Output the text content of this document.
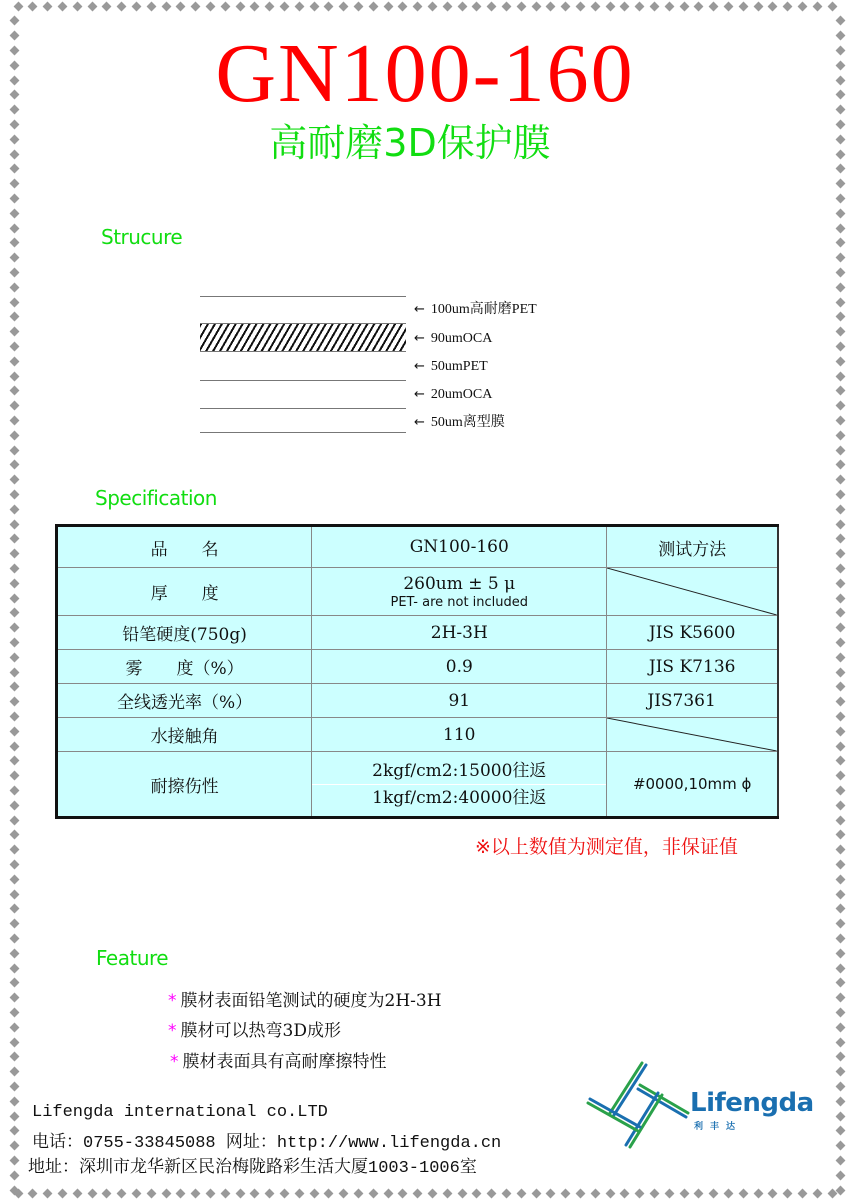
GN100-160
高耐磨3D保护膜
Strucure
← 100um高耐磨PET
← 90umOCA
← 50umPET
← 20umOCA
← 50um离型膜
Specification
品　　名	GN100-160	测试方法
厚　　度	260um ± 5 μ
PET- are not included

铅笔硬度(750g)	2H-3H	JIS K5600
雾　　度（%）	0.9	JIS K7136
全线透光率（%）	91	JIS7361
水接触角	110	

耐擦伤性	2kgf/cm2:15000往返
1kgf/cm2:40000往返	#0000,10mm ϕ
※以上数值为测定值，非保证值
Feature
* 膜材表面铅笔测试的硬度为2H-3H
* 膜材可以热弯3D成形
* 膜材表面具有高耐摩擦特性
Lifengda international co.LTD
电话：0755-33845088 网址：http://www.lifengda.cn
地址：深圳市龙华新区民治梅陇路彩生活大厦1003-1006室
Lifengda
利丰达
